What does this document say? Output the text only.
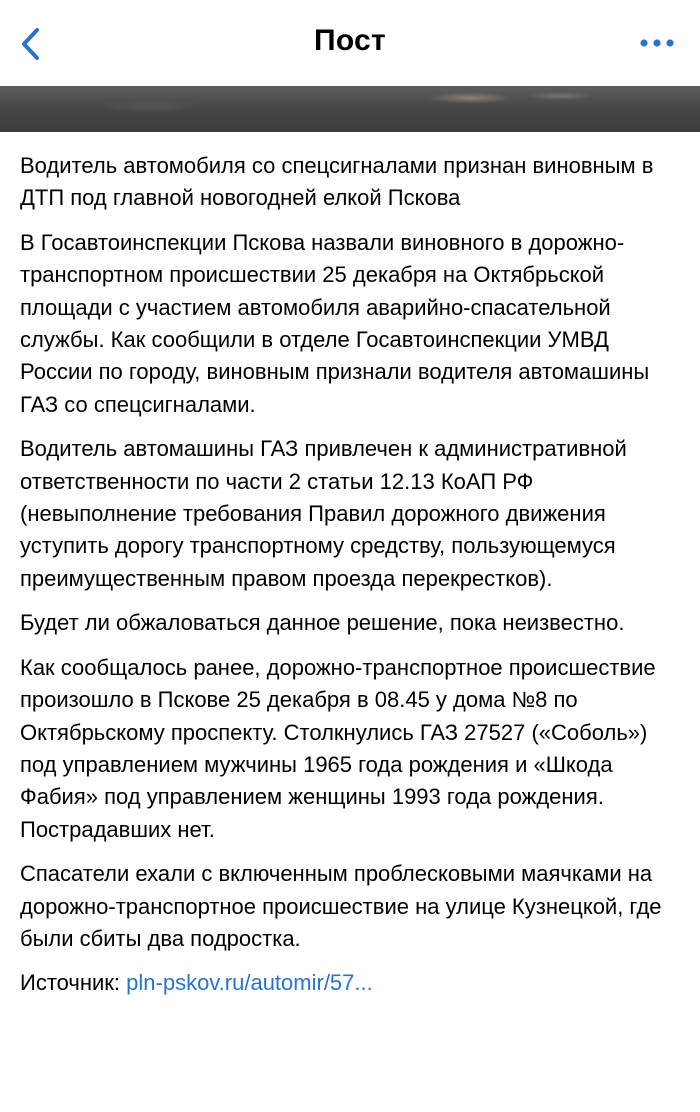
Пост

Водитель автомобиля со спецсигналами признан виновным в ДТП под главной новогодней елкой Пскова

В Госавтоинспекции Пскова назвали виновного в дорожно-транспортном происшествии 25 декабря на Октябрьской площади с участием автомобиля аварийно-спасательной службы. Как сообщили в отделе Госавтоинспекции УМВД России по городу, виновным признали водителя автомашины ГАЗ со спецсигналами.

Водитель автомашины ГАЗ привлечен к административной ответственности по части 2 статьи 12.13 КоАП РФ (невыполнение требования Правил дорожного движения уступить дорогу транспортному средству, пользующемуся преимущественным правом проезда перекрестков).

Будет ли обжаловаться данное решение, пока неизвестно.

Как сообщалось ранее, дорожно-транспортное происшествие произошло в Пскове 25 декабря в 08.45 у дома №8 по Октябрьскому проспекту. Столкнулись ГАЗ 27527 («Соболь») под управлением мужчины 1965 года рождения и «Шкода Фабия» под управлением женщины 1993 года рождения. Пострадавших нет.

Спасатели ехали с включенным проблесковыми маячками на дорожно-транспортное происшествие на улице Кузнецкой, где были сбиты два подростка.

Источник: pln-pskov.ru/automir/57...
